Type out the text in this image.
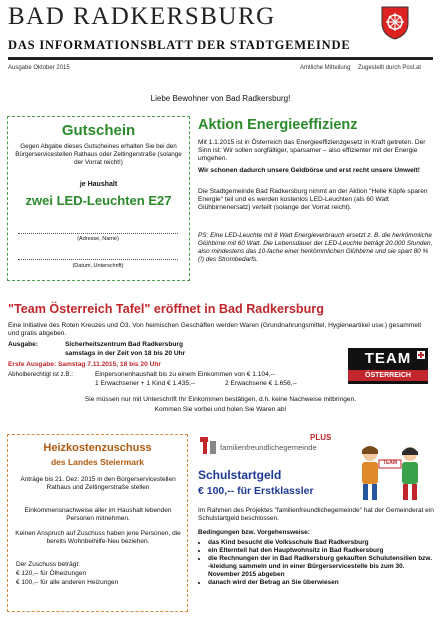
BAD RADKERSBURG
DAS INFORMATIONSBLATT DER STADTGEMEINDE
Ausgabe Oktober 2015	Amtliche Mitteilung Zugestellt durch Post.at
Liebe Bewohner von Bad Radkersburg!
Gutschein
Gegen Abgabe dieses Gutscheines erhalten Sie bei den Bürgerservicestellen Rathaus oder Zeltingerstraße (solange der Vorrat reicht!)
je Haushalt
zwei LED-Leuchten E27
(Adresse, Name)
(Datum, Unterschrift)
Aktion Energieeffizienz
Mit 1.1.2015 ist in Österreich das Energieeffizienzgesetz in Kraft getreten. Der Sinn ist: Wir sollen sorgfältiger, sparsamer – also effizienter mit der Energie umgehen.
Wir schonen dadurch unsere Geldbörse und erst recht unsere Umwelt!
Die Stadtgemeinde Bad Radkersburg nimmt an der Aktion "Helle Köpfe sparen Energie" teil und es werden kostenlos LED-Leuchten (als 60 Watt Glühbirnenersatz) verteilt (solange der Vorrat reicht).
PS: Eine LED-Leuchte mit 8 Watt Energieverbrauch ersetzt z. B. die herkömmliche Glühbirne mit 60 Watt. Die Lebensdauer der LED-Leuchte beträgt 20.000 Stunden, also mindestens das 10-fache einer herkömmlichen Glühbirne und sie spart 80 %(!) des Strombedarfs.
"Team Österreich Tafel" eröffnet in Bad Radkersburg
Eine Initiative des Roten Kreuzes und Ö3. Von heimischen Geschäften werden Waren (Grundnahrungsmittel, Hygieneartikel usw.) gesammelt und gratis abgeben.
Ausgabe:	Sicherheitszentrum Bad Radkersburg
samstags in der Zeit von 18 bis 20 Uhr
Erste Ausgabe: Samstag 7.11.2015, 18 bis 20 Uhr
Abholberechtigt ist z.B.:	Einpersonenhaushalt bis zu einem Einkommen von € 1.104,--
1 Erwachsener + 1 Kind € 1.435,--	2 Erwachsene € 1.656,--
Sie müssen nur mit Unterschrift Ihr Einkommen bestätigen, d.h. keine Nachweise mitbringen.
Kommen Sie vorbei und holen Sie Waren ab!
TEAM
ÖSTERREICH
Heizkostenzuschuss
des Landes Steiermark
Anträge bis 21. Dez. 2015 in den Bürgerservicestellen Rathaus und Zeltingerstraße stellen
Einkommensnachweise aller im Haushalt lebenden Personen mitnehmen.
Keinen Anspruch auf Zuschuss haben jene Personen, die bereits Wohnbeihilfe-Neu beziehen.
Der Zuschuss beträgt:
€ 120,-- für Ölheizungen
€ 100,-- für alle anderen Heizungen
familienfreundlichegemeinde
PLUS
Schulstartgeld
€ 100,-- für Erstklassler
TEAM
Im Rahmen des Projektes "familienfreundlichegemeinde" hat der Gemeinderat ein Schulstartgeld beschlossen.
Bedingungen bzw. Vorgehensweise:
• das Kind besucht die Volksschule Bad Radkersburg
• ein Elternteil hat den Hauptwohnsitz in Bad Radkersburg
• die Rechnungen der in Bad Radkersburg gekauften Schulutensilien bzw. -kleidung sammeln und in einer Bürgerservicestelle bis zum 30. November 2015 abgeben
• danach wird der Betrag an Sie überwiesen
